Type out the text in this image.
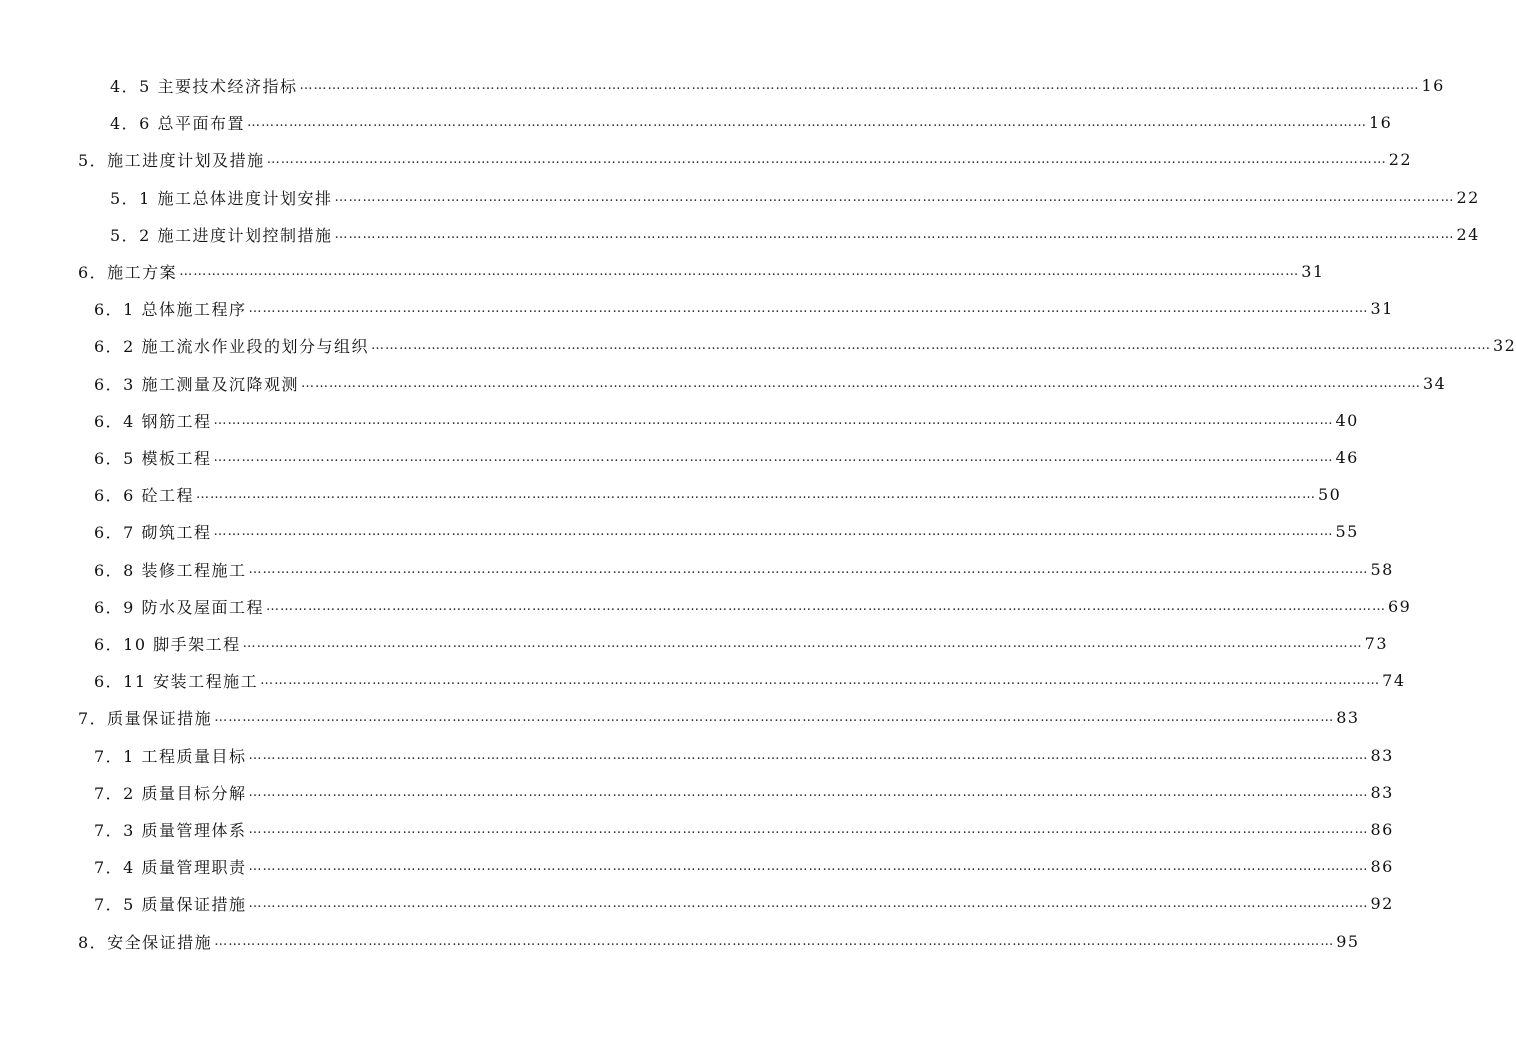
4．5 主要技术经济指标 …………………………………………………………………………………………………………………………………………………………………………………………………………………… 16
4．6 总平面布置 …………………………………………………………………………………………………………………………………………………………………………………………………………………… 16
5．施工进度计划及措施 …………………………………………………………………………………………………………………………………………………………………………………………………………………… 22
5．1 施工总体进度计划安排 …………………………………………………………………………………………………………………………………………………………………………………………………………………… 22
5．2 施工进度计划控制措施 …………………………………………………………………………………………………………………………………………………………………………………………………………………… 24
6．施工方案 …………………………………………………………………………………………………………………………………………………………………………………………………………………… 31
6．1 总体施工程序 …………………………………………………………………………………………………………………………………………………………………………………………………………………… 31
6．2 施工流水作业段的划分与组织 …………………………………………………………………………………………………………………………………………………………………………………………………………………… 32
6．3 施工测量及沉降观测 …………………………………………………………………………………………………………………………………………………………………………………………………………………… 34
6．4 钢筋工程 …………………………………………………………………………………………………………………………………………………………………………………………………………………… 40
6．5 模板工程 …………………………………………………………………………………………………………………………………………………………………………………………………………………… 46
6．6 砼工程 …………………………………………………………………………………………………………………………………………………………………………………………………………………… 50
6．7 砌筑工程 …………………………………………………………………………………………………………………………………………………………………………………………………………………… 55
6．8 装修工程施工 …………………………………………………………………………………………………………………………………………………………………………………………………………………… 58
6．9 防水及屋面工程 …………………………………………………………………………………………………………………………………………………………………………………………………………………… 69
6．10 脚手架工程 …………………………………………………………………………………………………………………………………………………………………………………………………………………… 73
6．11 安装工程施工 …………………………………………………………………………………………………………………………………………………………………………………………………………………… 74
7．质量保证措施 …………………………………………………………………………………………………………………………………………………………………………………………………………………… 83
7．1 工程质量目标 …………………………………………………………………………………………………………………………………………………………………………………………………………………… 83
7．2 质量目标分解 …………………………………………………………………………………………………………………………………………………………………………………………………………………… 83
7．3 质量管理体系 …………………………………………………………………………………………………………………………………………………………………………………………………………………… 86
7．4 质量管理职责 …………………………………………………………………………………………………………………………………………………………………………………………………………………… 86
7．5 质量保证措施 …………………………………………………………………………………………………………………………………………………………………………………………………………………… 92
8．安全保证措施 …………………………………………………………………………………………………………………………………………………………………………………………………………………… 95
